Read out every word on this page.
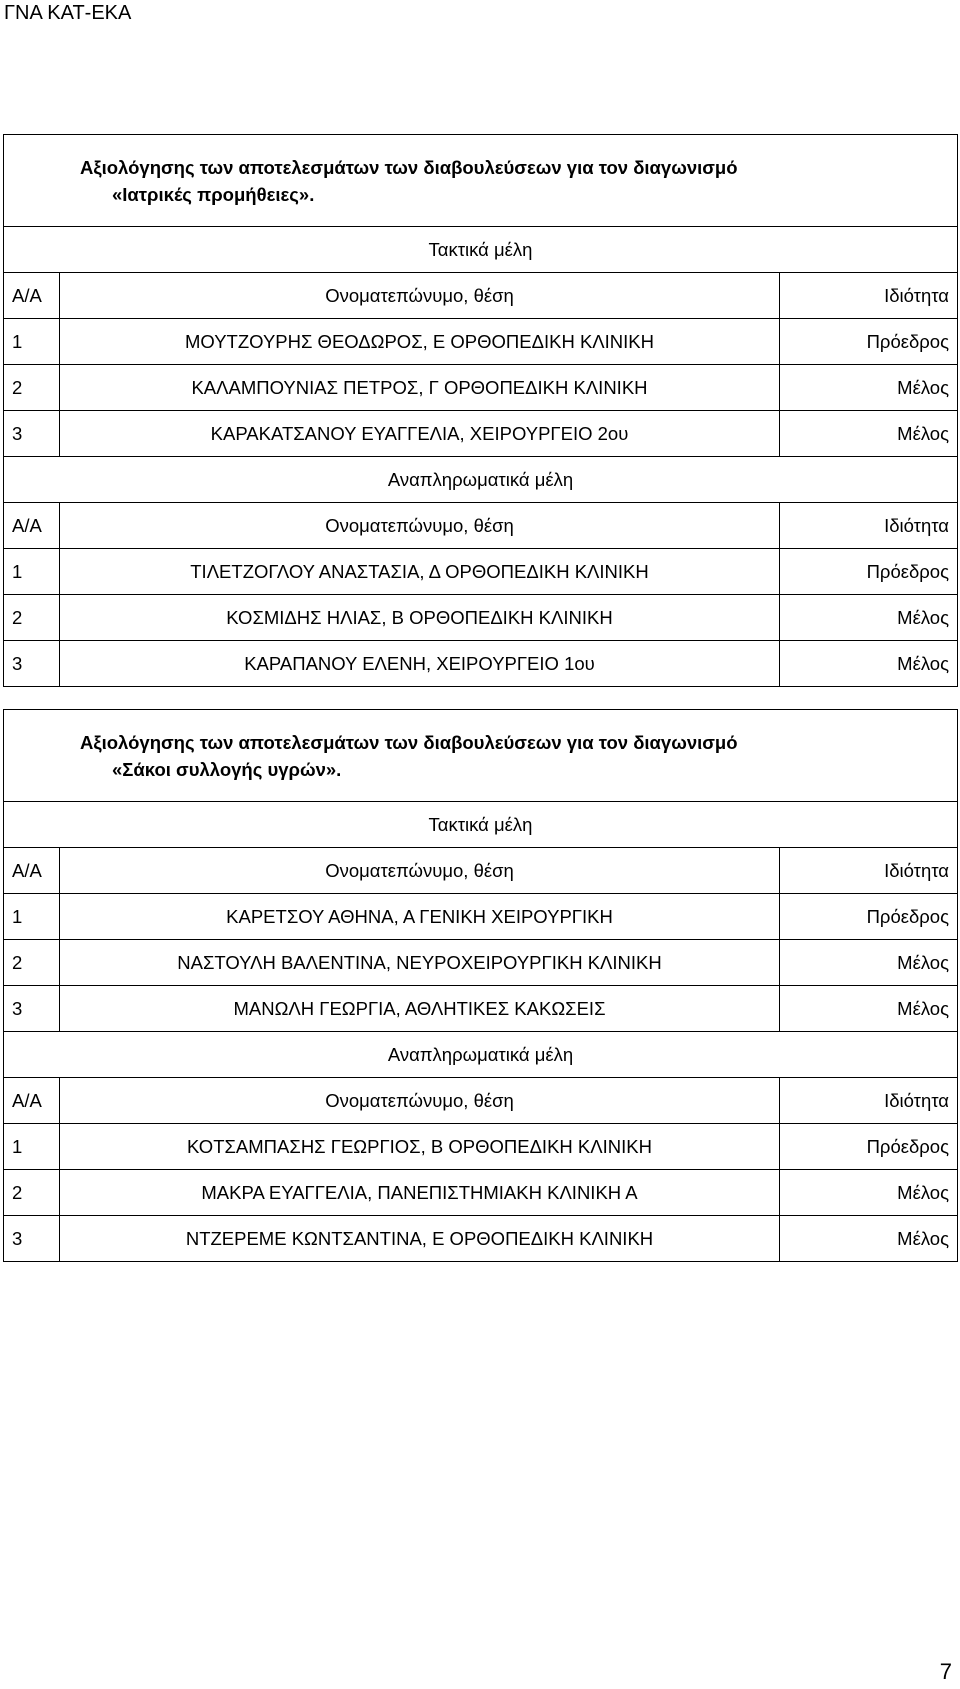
ΓΝΑ ΚΑΤ-ΕΚΑ
Αξιολόγησης των αποτελεσμάτων των διαβουλεύσεων για τον διαγωνισμό
«Ιατρικές προμήθειες».		

Τακτικά μέλη		
Α/Α	Ονοματεπώνυμο, θέση	Ιδιότητα
1	ΜΟΥΤΖΟΥΡΗΣ ΘΕΟΔΩΡΟΣ, Ε ΟΡΘΟΠΕΔΙΚΗ ΚΛΙΝΙΚΗ	Πρόεδρος
2	ΚΑΛΑΜΠΟΥΝΙΑΣ ΠΕΤΡΟΣ, Γ ΟΡΘΟΠΕΔΙΚΗ ΚΛΙΝΙΚΗ	Μέλος
3	ΚΑΡΑΚΑΤΣΑΝΟΥ ΕΥΑΓΓΕΛΙΑ, ΧΕΙΡΟΥΡΓΕΙΟ 2ου	Μέλος
Αναπληρωματικά μέλη		
Α/Α	Ονοματεπώνυμο, θέση	Ιδιότητα
1	ΤΙΛΕΤΖΟΓΛΟΥ ΑΝΑΣΤΑΣΙΑ, Δ ΟΡΘΟΠΕΔΙΚΗ ΚΛΙΝΙΚΗ	Πρόεδρος
2	ΚΟΣΜΙΔΗΣ ΗΛΙΑΣ, Β ΟΡΘΟΠΕΔΙΚΗ ΚΛΙΝΙΚΗ	Μέλος
3	ΚΑΡΑΠΑΝΟΥ ΕΛΕΝΗ, ΧΕΙΡΟΥΡΓΕΙΟ 1ου	Μέλος
Αξιολόγησης των αποτελεσμάτων των διαβουλεύσεων για τον διαγωνισμό
«Σάκοι συλλογής υγρών».		

Τακτικά μέλη		
Α/Α	Ονοματεπώνυμο, θέση	Ιδιότητα
1	ΚΑΡΕΤΣΟΥ ΑΘΗΝΑ, Α ΓΕΝΙΚΗ ΧΕΙΡΟΥΡΓΙΚΗ	Πρόεδρος
2	ΝΑΣΤΟΥΛΗ ΒΑΛΕΝΤΙΝΑ, ΝΕΥΡΟΧΕΙΡΟΥΡΓΙΚΗ ΚΛΙΝΙΚΗ	Μέλος
3	ΜΑΝΩΛΗ ΓΕΩΡΓΙΑ, ΑΘΛΗΤΙΚΕΣ ΚΑΚΩΣΕΙΣ	Μέλος
Αναπληρωματικά μέλη		
Α/Α	Ονοματεπώνυμο, θέση	Ιδιότητα
1	ΚΟΤΣΑΜΠΑΣΗΣ ΓΕΩΡΓΙΟΣ, Β ΟΡΘΟΠΕΔΙΚΗ ΚΛΙΝΙΚΗ	Πρόεδρος
2	ΜΑΚΡΑ ΕΥΑΓΓΕΛΙΑ, ΠΑΝΕΠΙΣΤΗΜΙΑΚΗ ΚΛΙΝΙΚΗ Α	Μέλος
3	ΝΤΖΕΡΕΜΕ ΚΩΝΤΣΑΝΤΙΝΑ, Ε ΟΡΘΟΠΕΔΙΚΗ ΚΛΙΝΙΚΗ	Μέλος
7
